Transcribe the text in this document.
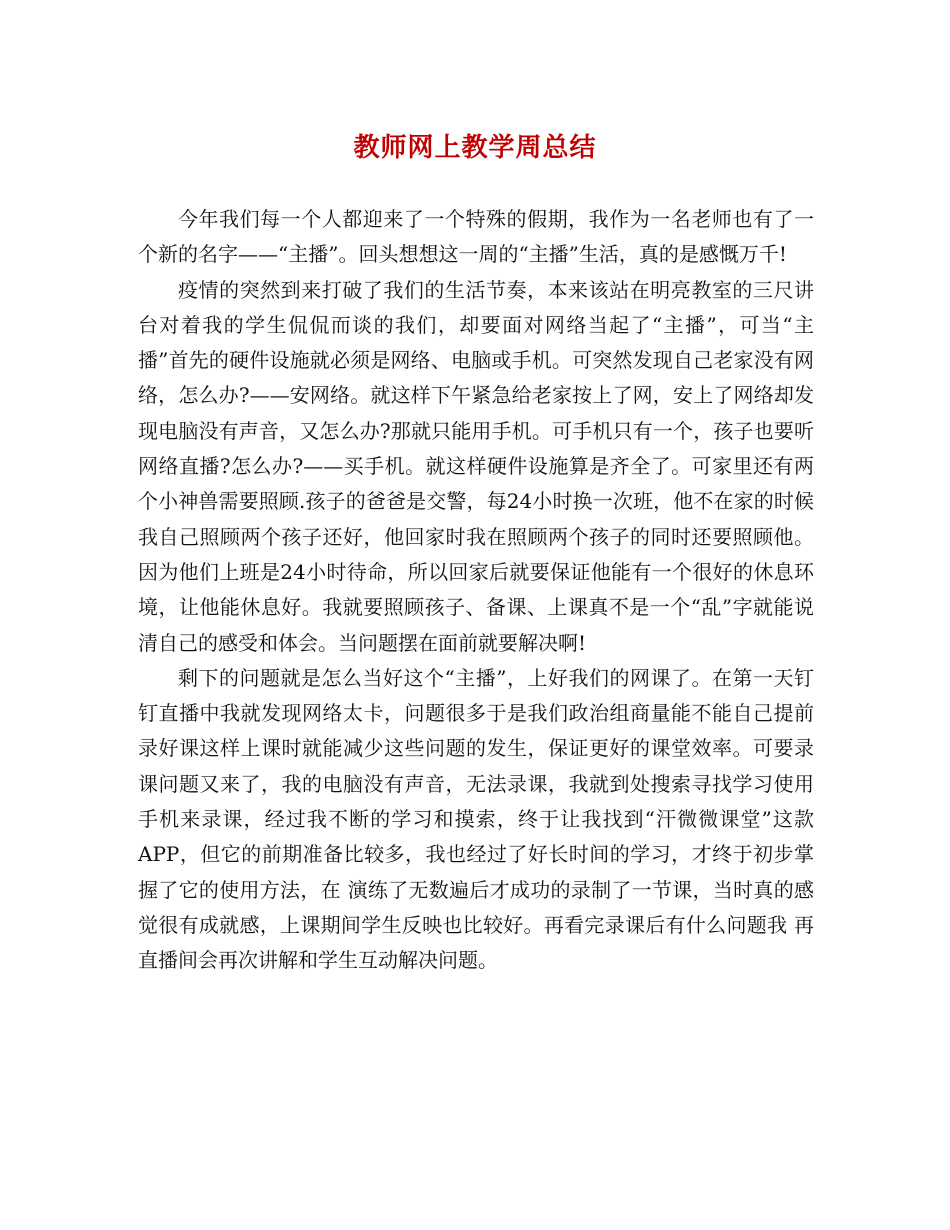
教师网上教学周总结

今年我们每一个人都迎来了一个特殊的假期，我作为一名老师也有了一个新的名字——“主播”。回头想想这一周的“主播”生活，真的是感慨万千!

疫情的突然到来打破了我们的生活节奏，本来该站在明亮教室的三尺讲台对着我的学生侃侃而谈的我们，却要面对网络当起了“主播”，可当“主播”首先的硬件设施就必须是网络、电脑或手机。可突然发现自己老家没有网络，怎么办?——安网络。就这样下午紧急给老家按上了网，安上了网络却发现电脑没有声音，又怎么办?那就只能用手机。可手机只有一个，孩子也要听网络直播?怎么办?——买手机。就这样硬件设施算是齐全了。可家里还有两个小神兽需要照顾.孩子的爸爸是交警，每24小时换一次班，他不在家的时候我自己照顾两个孩子还好，他回家时我在照顾两个孩子的同时还要照顾他。因为他们上班是24小时待命，所以回家后就要保证他能有一个很好的休息环境，让他能休息好。我就要照顾孩子、备课、上课真不是一个“乱”字就能说清自己的感受和体会。当问题摆在面前就要解决啊!

剩下的问题就是怎么当好这个“主播”，上好我们的网课了。在第一天钉钉直播中我就发现网络太卡，问题很多于是我们政治组商量能不能自己提前录好课这样上课时就能减少这些问题的发生，保证更好的课堂效率。可要录课问题又来了，我的电脑没有声音，无法录课，我就到处搜索寻找学习使用手机来录课，经过我不断的学习和摸索，终于让我找到“汗微微课堂”这款APP，但它的前期准备比较多，我也经过了好长时间的学习，才终于初步掌握了它的使用方法，在 演练了无数遍后才成功的录制了一节课，当时真的感觉很有成就感，上课期间学生反映也比较好。再看完录课后有什么问题我 再直播间会再次讲解和学生互动解决问题。
